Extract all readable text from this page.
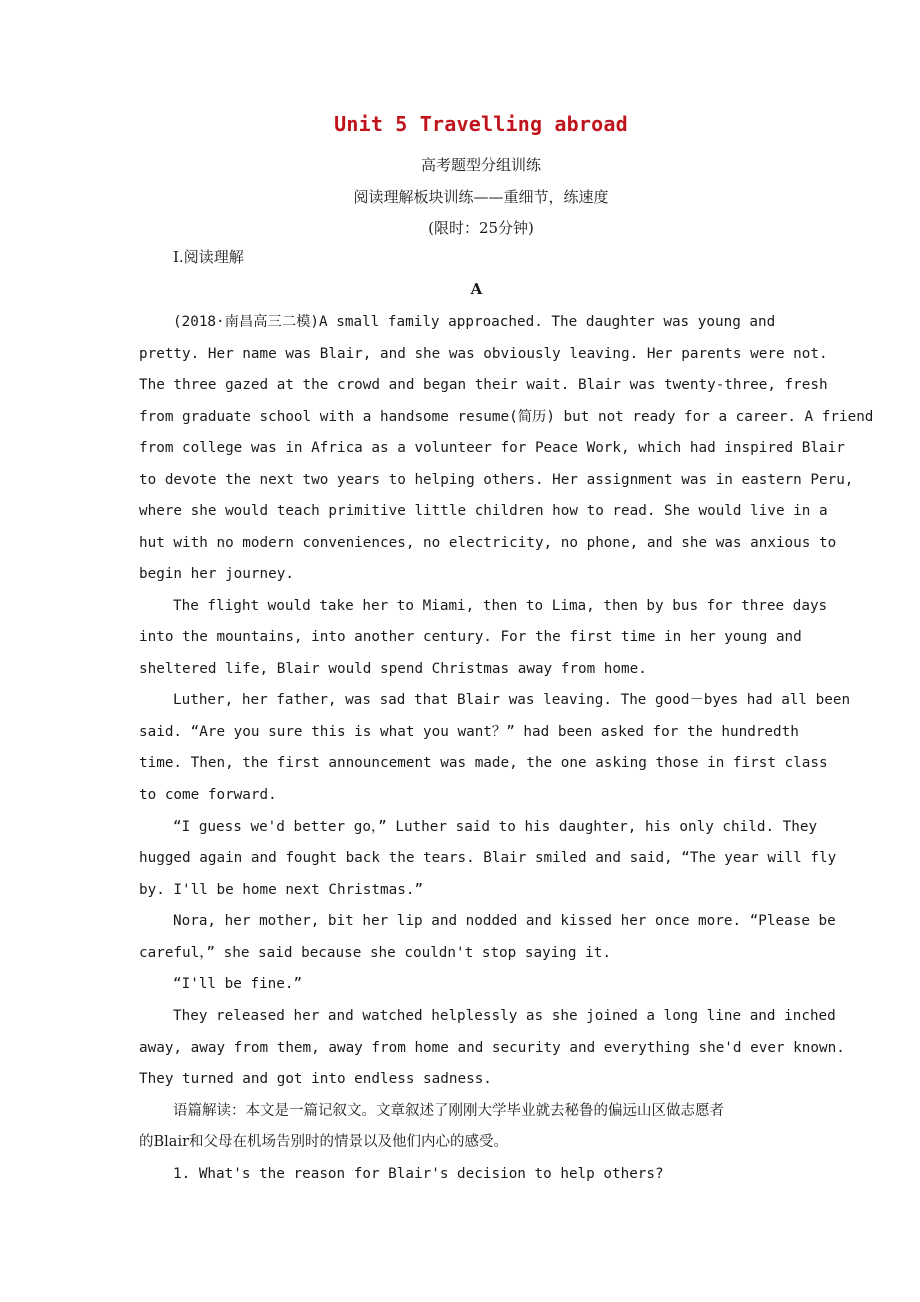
Unit 5 Travelling abroad
高考题型分组训练
阅读理解板块训练——重细节，练速度
(限时：25分钟)
Ⅰ.阅读理解
A
(2018·南昌高三二模)A small family approached. The daughter was young and
pretty. Her name was Blair, and she was obviously leaving. Her parents were not.
The three gazed at the crowd and began their wait. Blair was twenty-three, fresh
from graduate school with a handsome resume(简历) but not ready for a career. A friend
from college was in Africa as a volunteer for Peace Work, which had inspired Blair
to devote the next two years to helping others. Her assignment was in eastern Peru,
where she would teach primitive little children how to read. She would live in a
hut with no modern conveniences, no electricity, no phone, and she was anxious to
begin her journey.
The flight would take her to Miami, then to Lima, then by bus for three days
into the mountains, into another century. For the first time in her young and
sheltered life, Blair would spend Christmas away from home.
Luther, her father, was sad that Blair was leaving. The good－byes had all been
said. “Are you sure this is what you want？” had been asked for the hundredth
time. Then, the first announcement was made, the one asking those in first class
to come forward.
“I guess we'd better go，” Luther said to his daughter, his only child. They
hugged again and fought back the tears. Blair smiled and said, “The year will fly
by. I'll be home next Christmas.”
Nora, her mother, bit her lip and nodded and kissed her once more. “Please be
careful，” she said because she couldn't stop saying it.
“I'll be fine.”
They released her and watched helplessly as she joined a long line and inched
away, away from them, away from home and security and everything she'd ever known.
They turned and got into endless sadness.
语篇解读：本文是一篇记叙文。文章叙述了刚刚大学毕业就去秘鲁的偏远山区做志愿者
的Blair和父母在机场告别时的情景以及他们内心的感受。
1. What's the reason for Blair's decision to help others?
